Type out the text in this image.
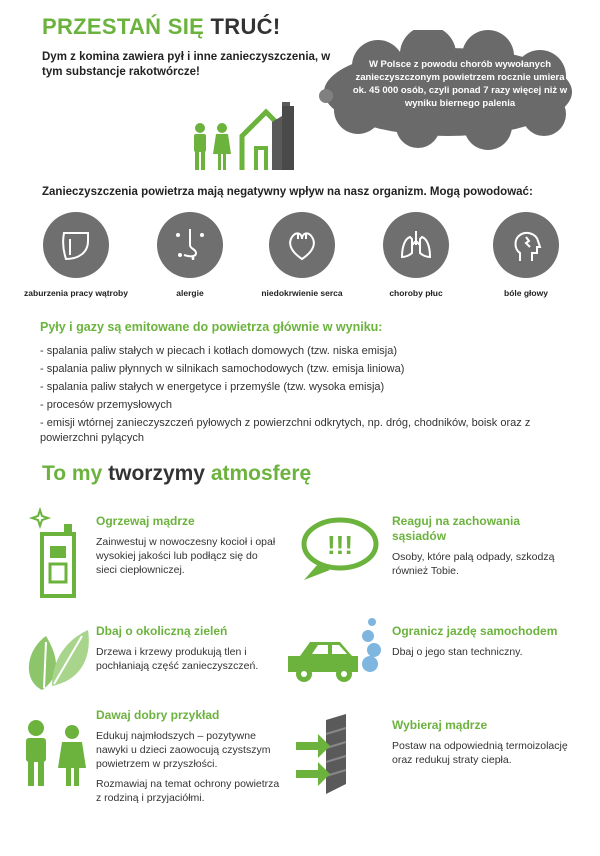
PRZESTAŃ SIĘ TRUĆ!
Dym z komina zawiera pył i inne zanieczyszczenia, w tym substancje rakotwórcze!
W Polsce z powodu chorób wywołanych zanieczyszczonym powietrzem rocznie umiera ok. 45 000 osób, czyli ponad 7 razy więcej niż w wyniku biernego palenia
Zanieczyszczenia powietrza mają negatywny wpływ na nasz organizm. Mogą powodować:
zaburzenia pracy wątroby	alergie	niedokrwienie serca	choroby płuc	bóle głowy
Pyły i gazy są emitowane do powietrza głównie w wyniku:
- spalania paliw stałych w piecach i kotłach domowych (tzw. niska emisja)
- spalania paliw płynnych w silnikach samochodowych (tzw. emisja liniowa)
- spalania paliw stałych w energetyce i przemyśle (tzw. wysoka emisja)
- procesów przemysłowych
- emisji wtórnej zanieczyszczeń pyłowych z powierzchni odkrytych, np. dróg, chodników, boisk oraz z powierzchni pylących
To my tworzymy atmosferę
Ogrzewaj mądrze

Zainwestuj w nowoczesny kocioł i opał wysokiej jakości lub podłącz się do sieci ciepłowniczej.

!!!
Reaguj na zachowania sąsiadów

Osoby, które palą odpady, szkodzą również Tobie.

Dbaj o okoliczną zieleń

Drzewa i krzewy produkują tlen i pochłaniają część zanieczyszczeń.

Ogranicz jazdę samochodem

Dbaj o jego stan techniczny.

Dawaj dobry przykład

Edukuj najmłodszych – pozytywne nawyki u dzieci zaowocują czystszym powietrzem w przyszłości.

Rozmawiaj na temat ochrony powietrza z rodziną i przyjaciółmi.

Wybieraj mądrze

Postaw na odpowiednią termoizolację oraz redukuj straty ciepła.
